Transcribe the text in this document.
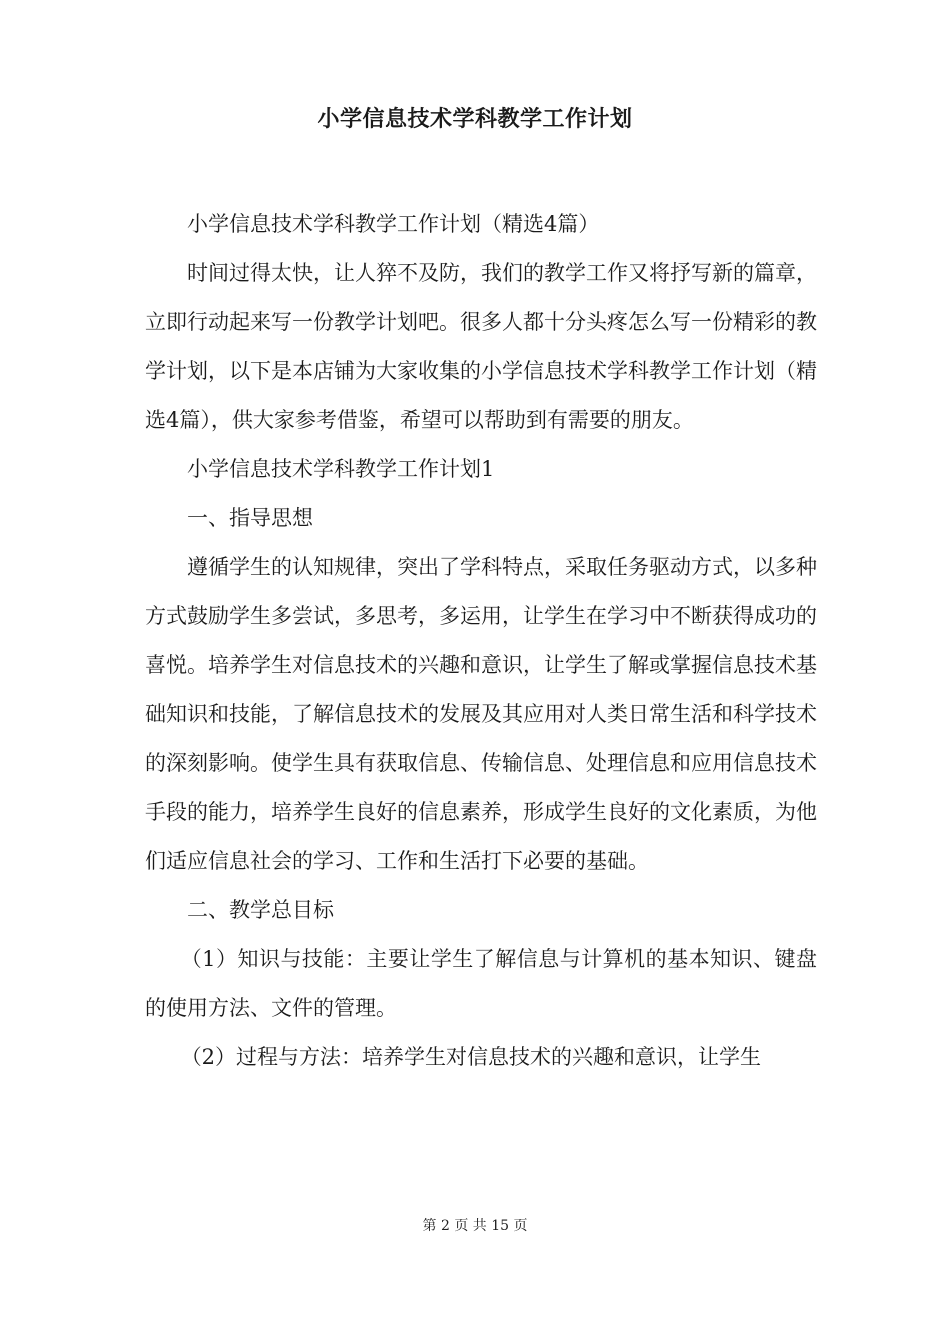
小学信息技术学科教学工作计划

小学信息技术学科教学工作计划（精选4篇）

时间过得太快，让人猝不及防，我们的教学工作又将抒写新的篇章，立即行动起来写一份教学计划吧。很多人都十分头疼怎么写一份精彩的教学计划，以下是本店铺为大家收集的小学信息技术学科教学工作计划（精选4篇），供大家参考借鉴，希望可以帮助到有需要的朋友。

小学信息技术学科教学工作计划1

一、指导思想

遵循学生的认知规律，突出了学科特点，采取任务驱动方式，以多种方式鼓励学生多尝试，多思考，多运用，让学生在学习中不断获得成功的喜悦。培养学生对信息技术的兴趣和意识，让学生了解或掌握信息技术基础知识和技能，了解信息技术的发展及其应用对人类日常生活和科学技术的深刻影响。使学生具有获取信息、传输信息、处理信息和应用信息技术手段的能力，培养学生良好的信息素养，形成学生良好的文化素质，为他们适应信息社会的学习、工作和生活打下必要的基础。

二、教学总目标

（1）知识与技能：主要让学生了解信息与计算机的基本知识、键盘的使用方法、文件的管理。

（2）过程与方法：培养学生对信息技术的兴趣和意识，让学生

第 2 页 共 15 页
